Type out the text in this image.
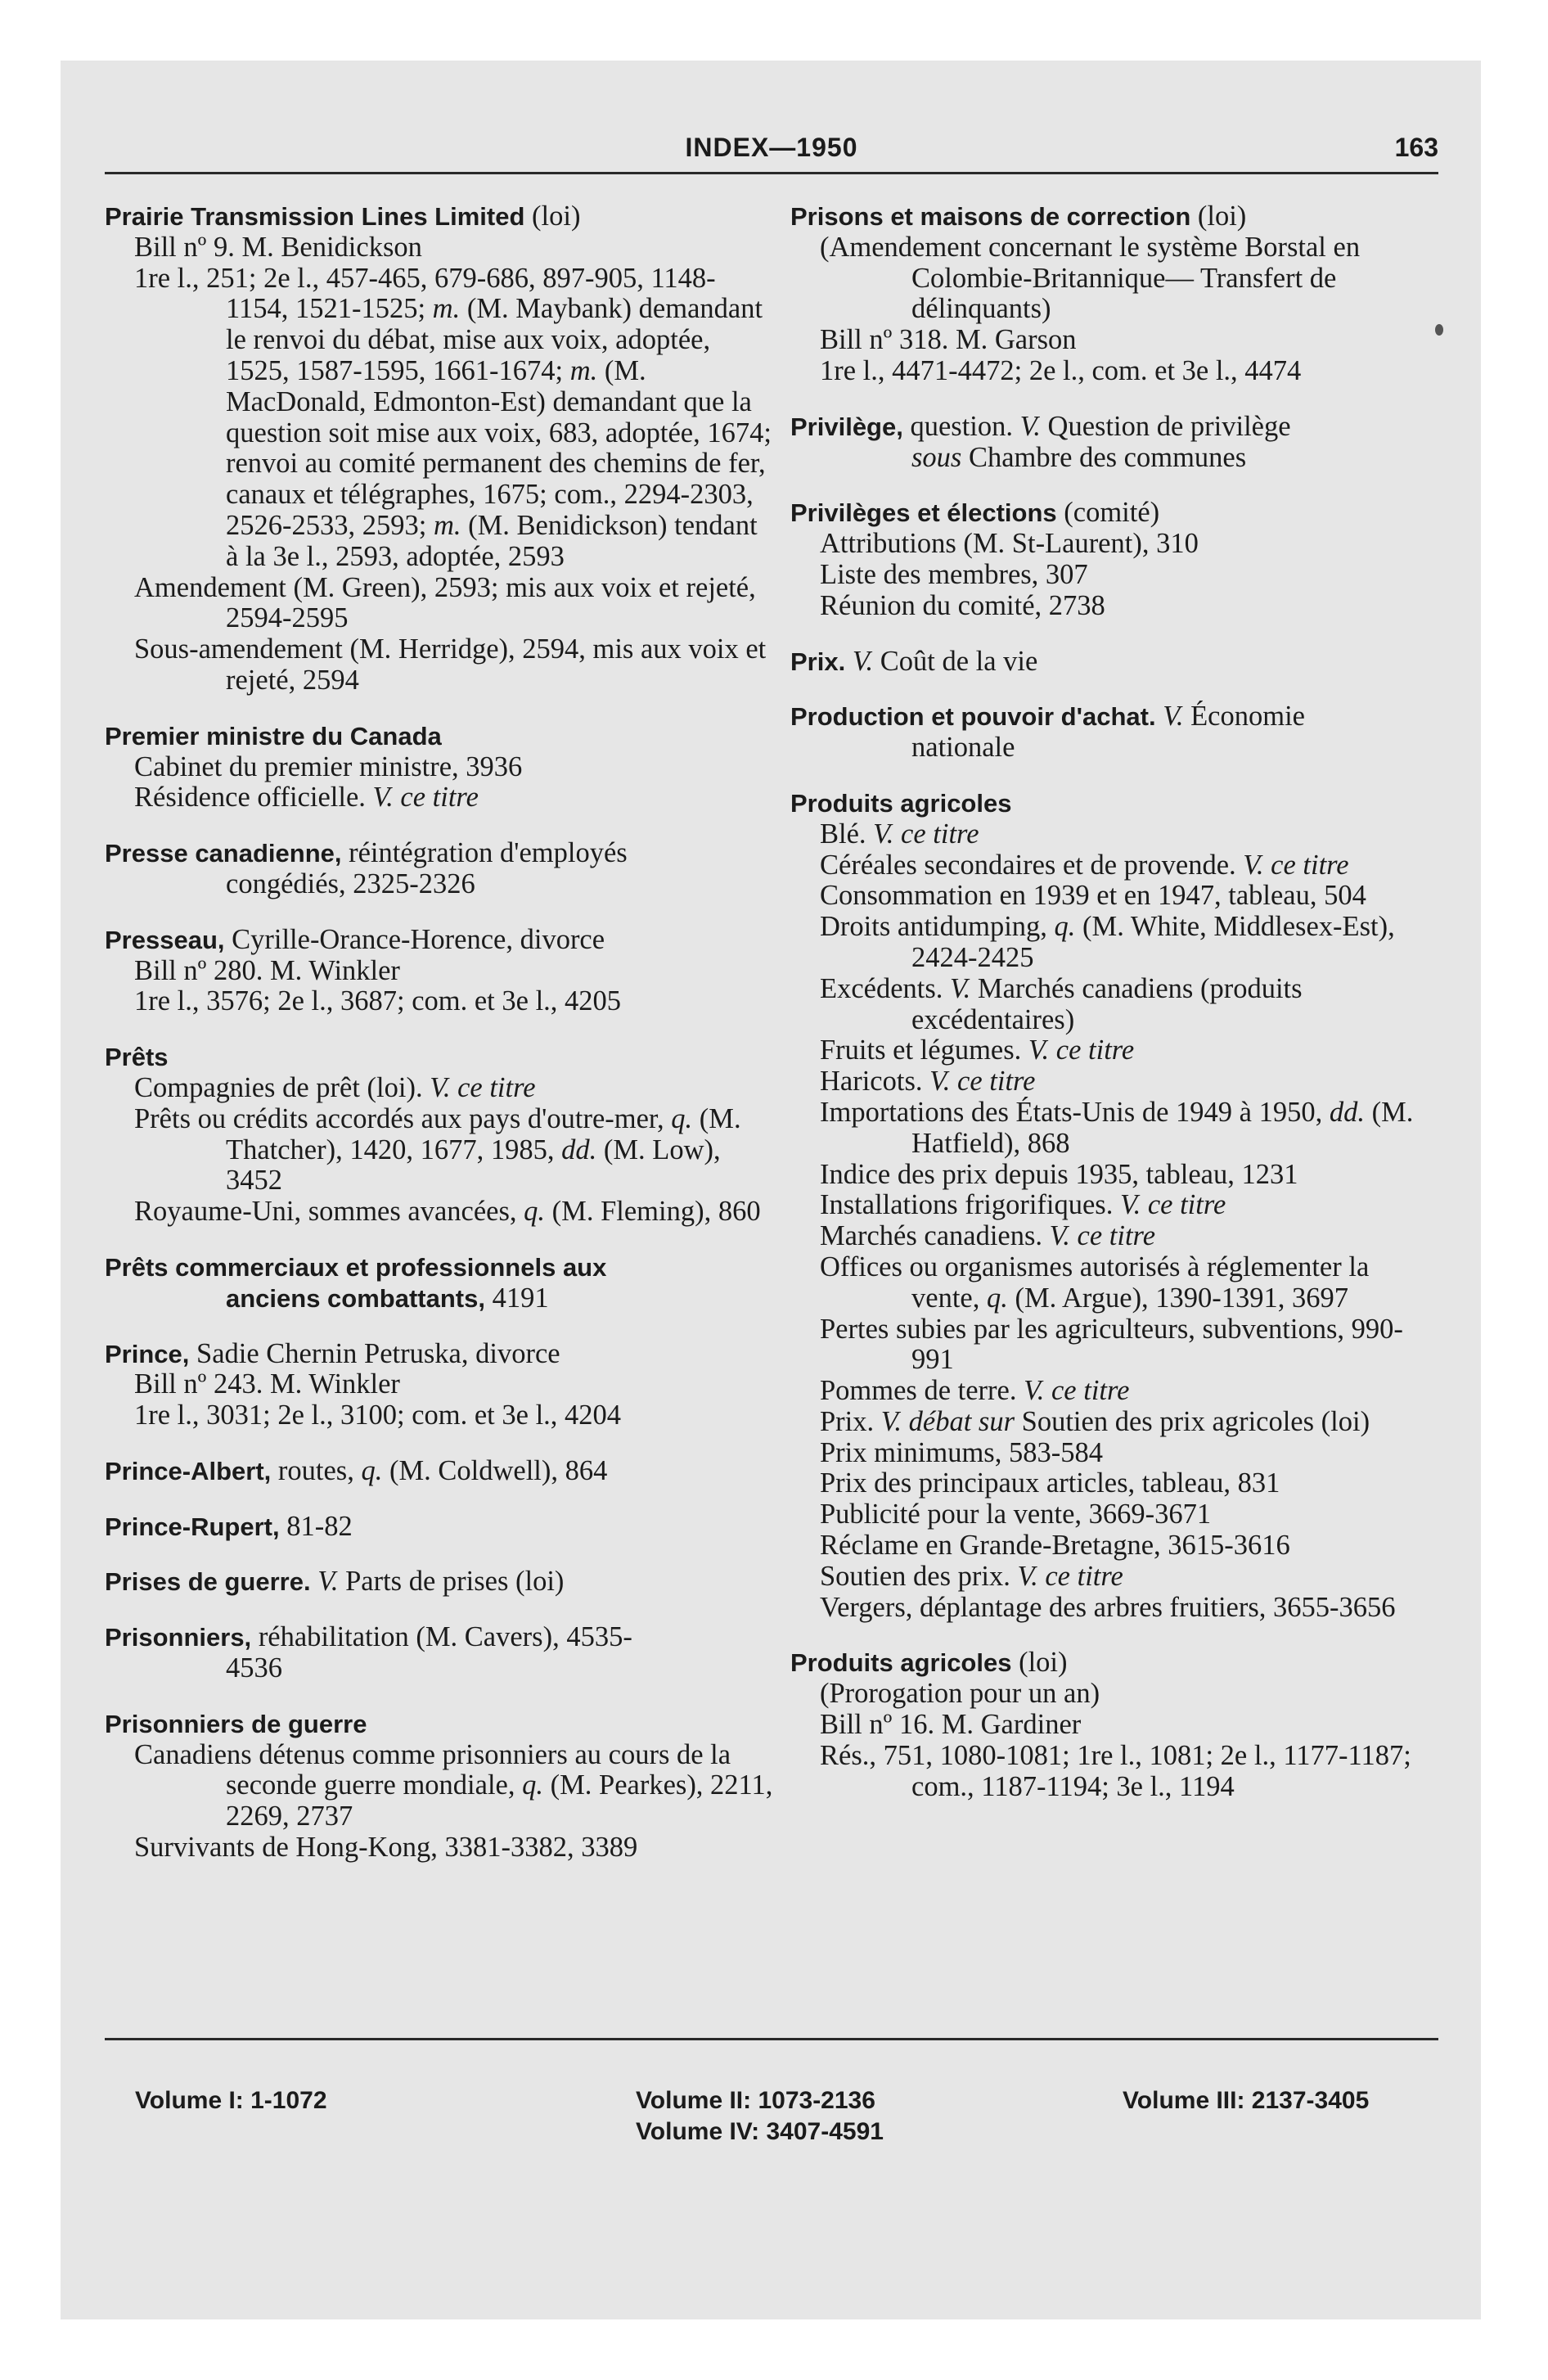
INDEX—1950	163

Prairie Transmission Lines Limited (loi)

Bill nº 9. M. Benidickson

1re l., 251; 2e l., 457-465, 679-686, 897-905, 1148-1154, 1521-1525; m. (M. Maybank) demandant le renvoi du débat, mise aux voix, adoptée, 1525, 1587-1595, 1661-1674; m. (M. MacDonald, Edmonton-Est) demandant que la question soit mise aux voix, 683, adoptée, 1674; renvoi au comité permanent des chemins de fer, canaux et télégraphes, 1675; com., 2294-2303, 2526-2533, 2593; m. (M. Benidickson) tendant à la 3e l., 2593, adoptée, 2593

Amendement (M. Green), 2593; mis aux voix et rejeté, 2594-2595

Sous-amendement (M. Herridge), 2594, mis aux voix et rejeté, 2594

Premier ministre du Canada

Cabinet du premier ministre, 3936

Résidence officielle. V. ce titre

Presse canadienne, réintégration d'employés

congédiés, 2325-2326

Presseau, Cyrille-Orance-Horence, divorce

Bill nº 280. M. Winkler

1re l., 3576; 2e l., 3687; com. et 3e l., 4205

Prêts

Compagnies de prêt (loi). V. ce titre

Prêts ou crédits accordés aux pays d'outre-mer, q. (M. Thatcher), 1420, 1677, 1985, dd. (M. Low), 3452

Royaume-Uni, sommes avancées, q. (M. Fleming), 860

Prêts commerciaux et professionnels aux

anciens combattants, 4191

Prince, Sadie Chernin Petruska, divorce

Bill nº 243. M. Winkler

1re l., 3031; 2e l., 3100; com. et 3e l., 4204

Prince-Albert, routes, q. (M. Coldwell), 864

Prince-Rupert, 81-82

Prises de guerre. V. Parts de prises (loi)

Prisonniers, réhabilitation (M. Cavers), 4535-

4536

Prisonniers de guerre

Canadiens détenus comme prisonniers au cours de la seconde guerre mondiale, q. (M. Pearkes), 2211, 2269, 2737

Survivants de Hong-Kong, 3381-3382, 3389

Prisons et maisons de correction (loi)

(Amendement concernant le système Borstal en Colombie-Britannique— Transfert de délinquants)

Bill nº 318. M. Garson

1re l., 4471-4472; 2e l., com. et 3e l., 4474

Privilège, question. V. Question de privilège

sous Chambre des communes

Privilèges et élections (comité)

Attributions (M. St-Laurent), 310

Liste des membres, 307

Réunion du comité, 2738

Prix. V. Coût de la vie

Production et pouvoir d'achat. V. Économie

nationale

Produits agricoles

Blé. V. ce titre

Céréales secondaires et de provende. V. ce titre

Consommation en 1939 et en 1947, tableau, 504

Droits antidumping, q. (M. White, Middlesex-Est), 2424-2425

Excédents. V. Marchés canadiens (produits excédentaires)

Fruits et légumes. V. ce titre

Haricots. V. ce titre

Importations des États-Unis de 1949 à 1950, dd. (M. Hatfield), 868

Indice des prix depuis 1935, tableau, 1231

Installations frigorifiques. V. ce titre

Marchés canadiens. V. ce titre

Offices ou organismes autorisés à réglementer la vente, q. (M. Argue), 1390-1391, 3697

Pertes subies par les agriculteurs, subventions, 990-991

Pommes de terre. V. ce titre

Prix. V. débat sur Soutien des prix agricoles (loi)

Prix minimums, 583-584

Prix des principaux articles, tableau, 831

Publicité pour la vente, 3669-3671

Réclame en Grande-Bretagne, 3615-3616

Soutien des prix. V. ce titre

Vergers, déplantage des arbres fruitiers, 3655-3656

Produits agricoles (loi)

(Prorogation pour un an)

Bill nº 16. M. Gardiner

Rés., 751, 1080-1081; 1re l., 1081; 2e l., 1177-1187; com., 1187-1194; 3e l., 1194

Volume I: 1-1072	Volume II: 1073-2136
Volume IV: 3407-4591
Volume III: 2137-3405
